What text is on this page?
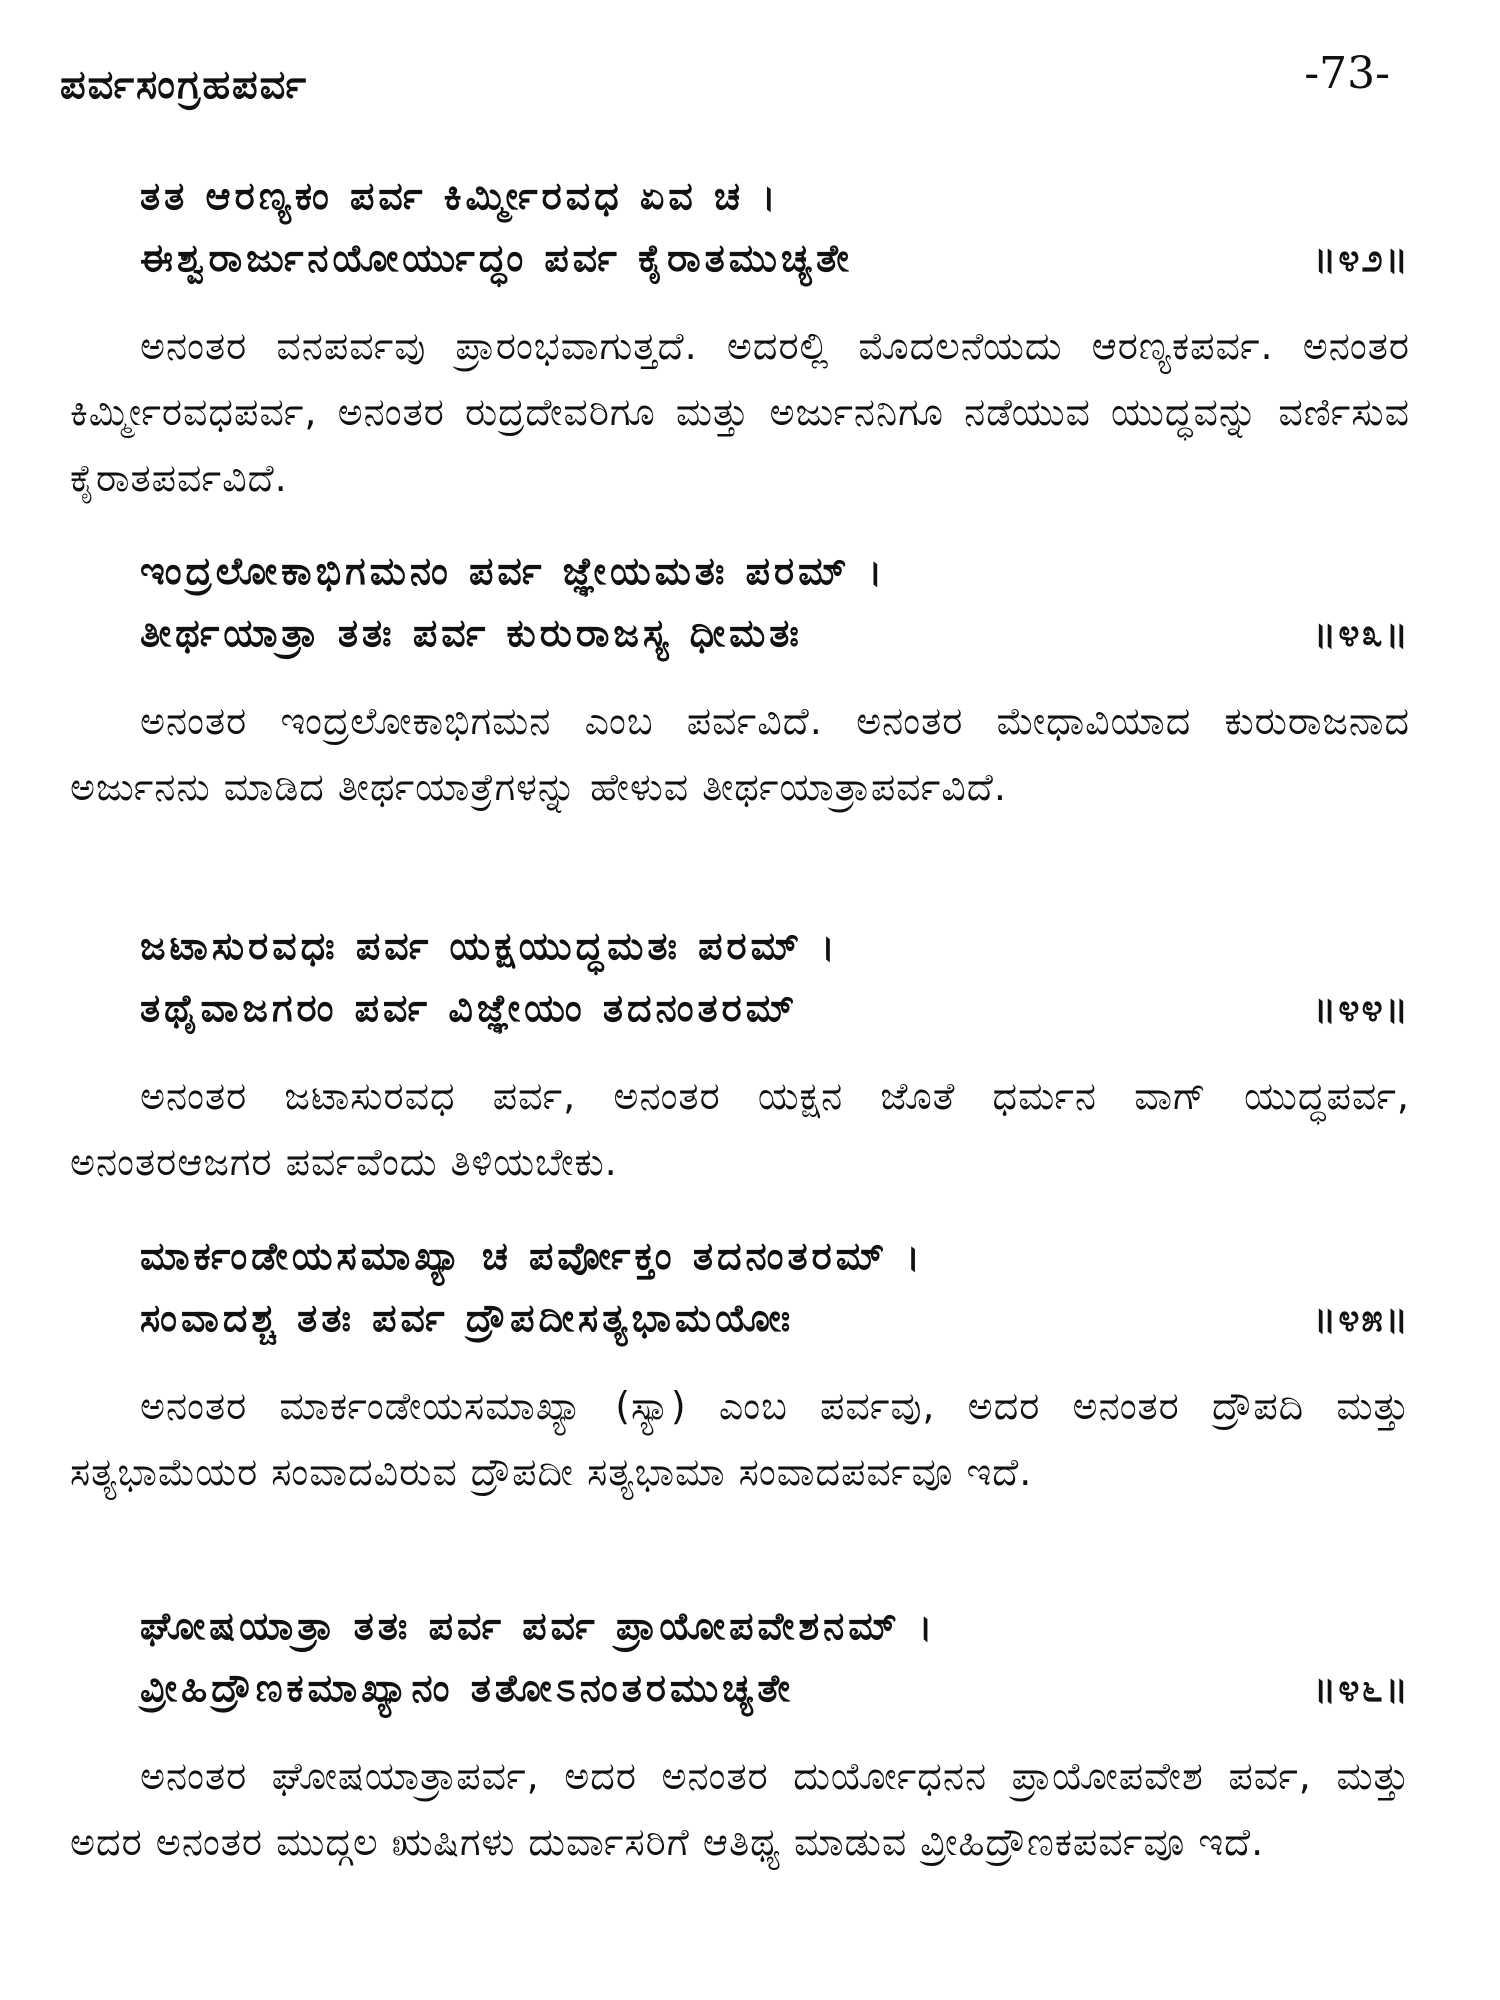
ಪರ್ವಸಂಗ್ರಹಪರ್ವ	-73-
ತತ ಆರಣ್ಯಕಂ ಪರ್ವ ಕಿರ್ಮ್ಮೀರವಧ ಏವ ಚ ।
ಈಶ್ವರಾರ್ಜುನಯೋರ್ಯುದ್ಧಂ ಪರ್ವ ಕೈರಾತಮುಚ್ಯತೇ	॥೪೨॥
ಅನಂತರ ವನಪರ್ವವು ಪ್ರಾರಂಭವಾಗುತ್ತದೆ. ಅದರಲ್ಲಿ ಮೊದಲನೆಯದು ಆರಣ್ಯಕಪರ್ವ. ಅನಂತರ ಕಿರ್ಮ್ಮೀರವಧಪರ್ವ, ಅನಂತರ ರುದ್ರದೇವರಿಗೂ ಮತ್ತು ಅರ್ಜುನನಿಗೂ ನಡೆಯುವ ಯುದ್ಧವನ್ನು ವರ್ಣಿಸುವ ಕೈರಾತಪರ್ವವಿದೆ.
ಇಂದ್ರಲೋಕಾಭಿಗಮನಂ ಪರ್ವ ಜ್ಞೇಯಮತಃ ಪರಮ್ ।
ತೀರ್ಥಯಾತ್ರಾ ತತಃ ಪರ್ವ ಕುರುರಾಜಸ್ಯ ಧೀಮತಃ	॥೪೩॥
ಅನಂತರ ಇಂದ್ರಲೋಕಾಭಿಗಮನ ಎಂಬ ಪರ್ವವಿದೆ. ಅನಂತರ ಮೇಧಾವಿಯಾದ ಕುರುರಾಜನಾದ ಅರ್ಜುನನು ಮಾಡಿದ ತೀರ್ಥಯಾತ್ರೆಗಳನ್ನು ಹೇಳುವ ತೀರ್ಥಯಾತ್ರಾಪರ್ವವಿದೆ.
ಜಟಾಸುರವಧಃ ಪರ್ವ ಯಕ್ಷಯುದ್ಧಮತಃ ಪರಮ್ ।
ತಥೈವಾಜಗರಂ ಪರ್ವ ವಿಜ್ಞೇಯಂ ತದನಂತರಮ್	॥೪೪॥
ಅನಂತರ ಜಟಾಸುರವಧ ಪರ್ವ, ಅನಂತರ ಯಕ್ಷನ ಜೊತೆ ಧರ್ಮನ ವಾಗ್ ಯುದ್ಧಪರ್ವ, ಅನಂತರಆಜಗರ ಪರ್ವವೆಂದು ತಿಳಿಯಬೇಕು.
ಮಾರ್ಕಂಡೇಯಸಮಾಖ್ಯಾ ಚ ಪರ್ವೋಕ್ತಂ ತದನಂತರಮ್ ।
ಸಂವಾದಶ್ಚ ತತಃ ಪರ್ವ ದ್ರೌಪದೀಸತ್ಯಭಾಮಯೋಃ	॥೪೫॥
ಅನಂತರ ಮಾರ್ಕಂಡೇಯಸಮಾಖ್ಯಾ (ಸ್ಯಾ) ಎಂಬ ಪರ್ವವು, ಅದರ ಅನಂತರ ದ್ರೌಪದಿ ಮತ್ತು ಸತ್ಯಭಾಮೆಯರ ಸಂವಾದವಿರುವ ದ್ರೌಪದೀ ಸತ್ಯಭಾಮಾ ಸಂವಾದಪರ್ವವೂ ಇದೆ.
ಘೋಷಯಾತ್ರಾ ತತಃ ಪರ್ವ ಪರ್ವ ಪ್ರಾಯೋಪವೇಶನಮ್ ।
ವ್ರೀಹಿದ್ರೌಣಕಮಾಖ್ಯಾನಂ ತತೋಽನಂತರಮುಚ್ಯತೇ	॥೪೬॥
ಅನಂತರ ಘೋಷಯಾತ್ರಾಪರ್ವ, ಅದರ ಅನಂತರ ದುರ್ಯೋಧನನ ಪ್ರಾಯೋಪವೇಶ ಪರ್ವ, ಮತ್ತು ಅದರ ಅನಂತರ ಮುದ್ಗಲ ಋಷಿಗಳು ದುರ್ವಾಸರಿಗೆ ಆತಿಥ್ಯ ಮಾಡುವ ವ್ರೀಹಿದ್ರೌಣಕಪರ್ವವೂ ಇದೆ.
